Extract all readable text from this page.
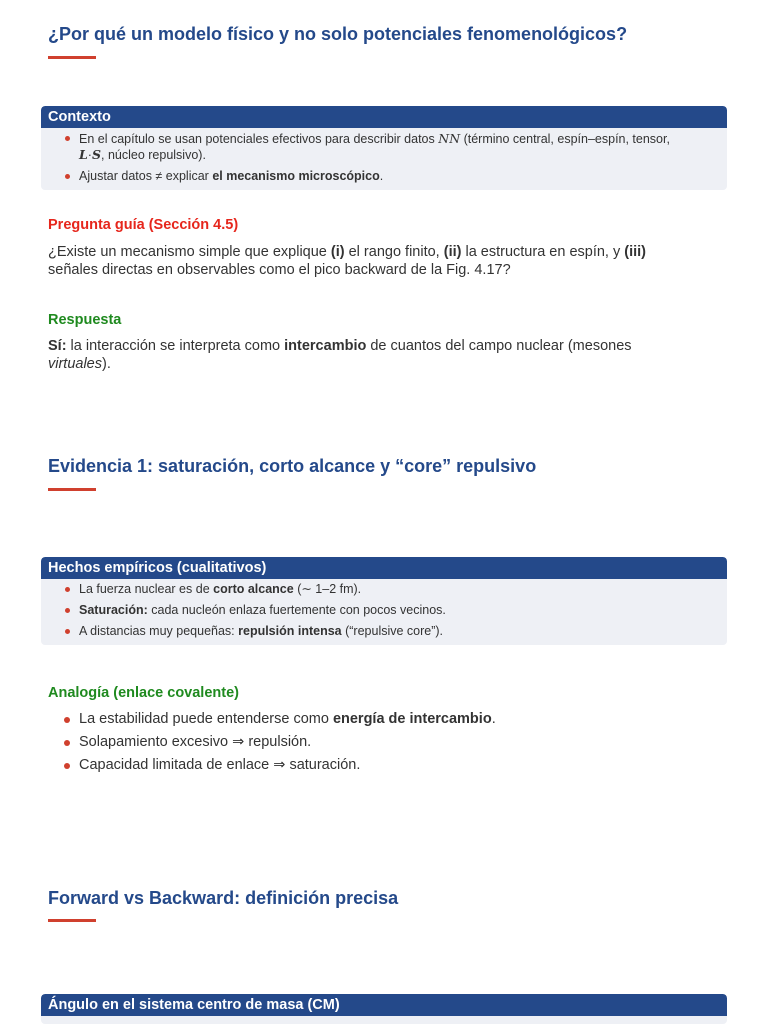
¿Por qué un modelo físico y no solo potenciales fenomenológicos?
Contexto
En el capítulo se usan potenciales efectivos para describir datos NN (término central, espín–espín, tensor,
L·S, núcleo repulsivo).
Ajustar datos ≠ explicar el mecanismo microscópico.
Pregunta guía (Sección 4.5)
¿Existe un mecanismo simple que explique (i) el rango finito, (ii) la estructura en espín, y (iii)
señales directas en observables como el pico backward de la Fig. 4.17?
Respuesta
Sí: la interacción se interpreta como intercambio de cuantos del campo nuclear (mesones
virtuales).
Evidencia 1: saturación, corto alcance y “core” repulsivo
Hechos empíricos (cualitativos)
La fuerza nuclear es de corto alcance (∼ 1–2 fm).
Saturación: cada nucleón enlaza fuertemente con pocos vecinos.
A distancias muy pequeñas: repulsión intensa (“repulsive core”).
Analogía (enlace covalente)
La estabilidad puede entenderse como energía de intercambio.
Solapamiento excesivo ⇒ repulsión.
Capacidad limitada de enlace ⇒ saturación.
Forward vs Backward: definición precisa
Ángulo en el sistema centro de masa (CM)
